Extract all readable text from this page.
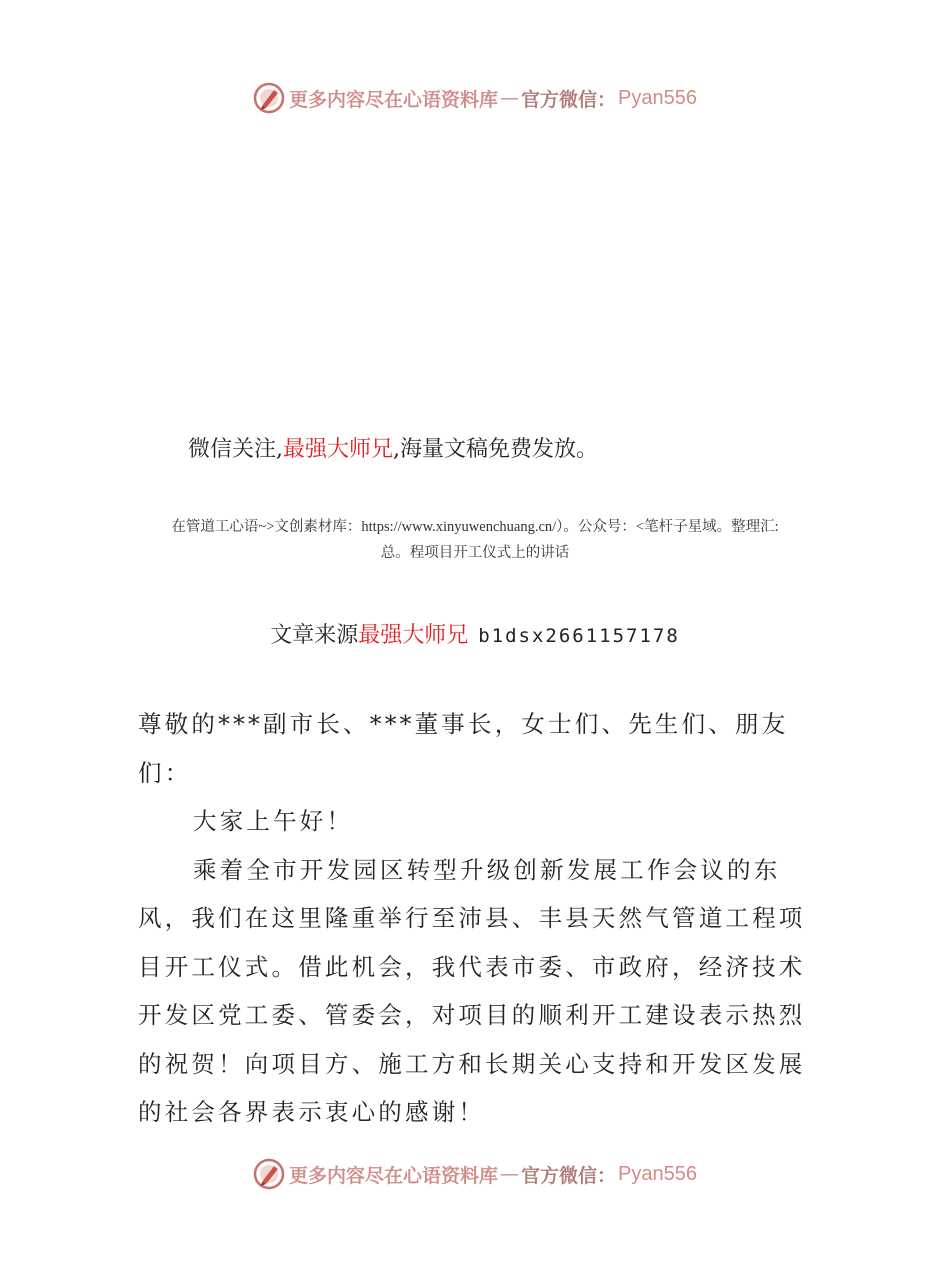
更多内容尽在心语资料库 — 官方微信： Pyan556
微信关注,最强大师兄,海量文稿免费发放。
在管道工心语~>文创素材库：https://www.xinyuwenchuang.cn/）。公众号：<笔杆子星域。整理汇:
总。程项目开工仪式上的讲话
文章来源最强大师兄 b1dsx2661157178

尊敬的***副市长、***董事长，女士们、先生们、朋友们：

大家上午好！

乘着全市开发园区转型升级创新发展工作会议的东风，我们在这里隆重举行至沛县、丰县天然气管道工程项目开工仪式。借此机会，我代表市委、市政府，经济技术开发区党工委、管委会，对项目的顺利开工建设表示热烈的祝贺！向项目方、施工方和长期关心支持和开发区发展的社会各界表示衷心的感谢！

更多内容尽在心语资料库 — 官方微信： Pyan556
